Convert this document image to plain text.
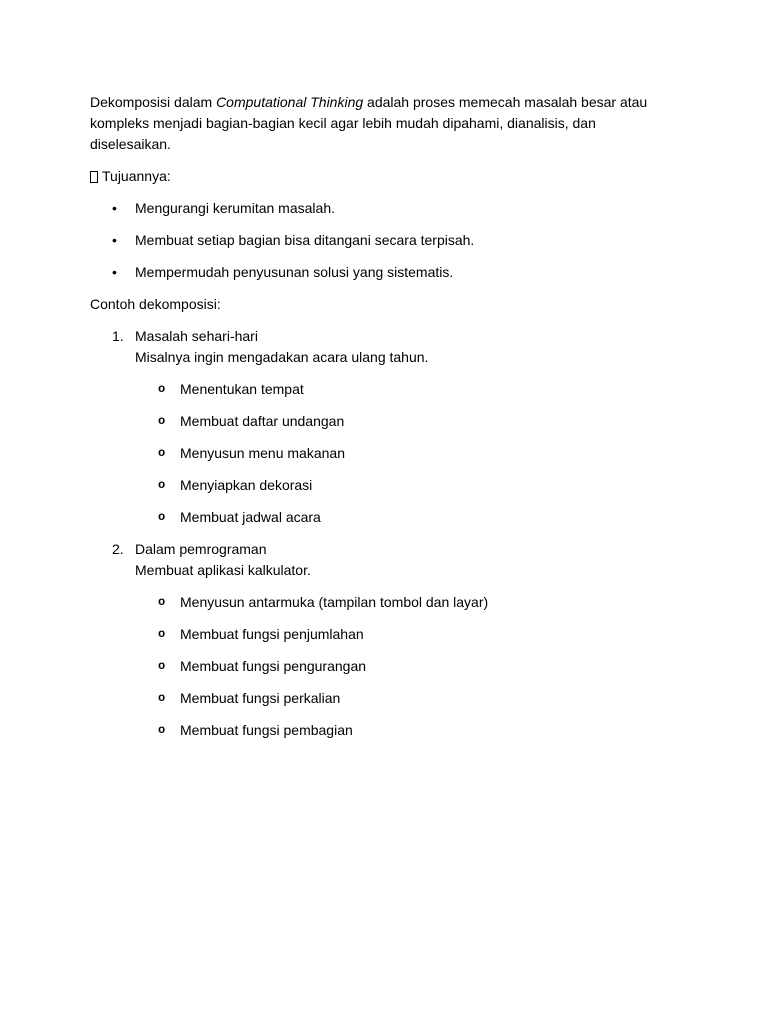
Dekomposisi dalam Computational Thinking adalah proses memecah masalah besar atau kompleks menjadi bagian-bagian kecil agar lebih mudah dipahami, dianalisis, dan diselesaikan.

Tujuannya:

• Mengurangi kerumitan masalah.
• Membuat setiap bagian bisa ditangani secara terpisah.
• Mempermudah penyusunan solusi yang sistematis.

Contoh dekomposisi:

1. Masalah sehari-hari
Misalnya ingin mengadakan acara ulang tahun.
o Menentukan tempat
o Membuat daftar undangan
o Menyusun menu makanan
o Menyiapkan dekorasi
o Membuat jadwal acara
2. Dalam pemrograman
Membuat aplikasi kalkulator.
o Menyusun antarmuka (tampilan tombol dan layar)
o Membuat fungsi penjumlahan
o Membuat fungsi pengurangan
o Membuat fungsi perkalian
o Membuat fungsi pembagian
